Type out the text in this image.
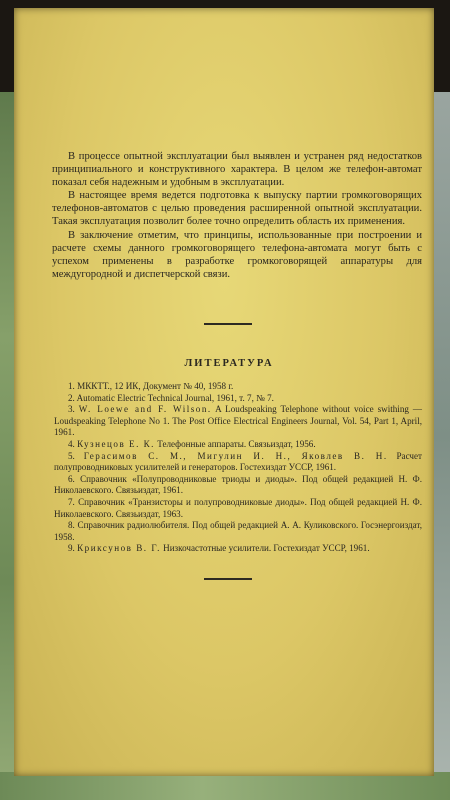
В процессе опытной эксплуатации был выявлен и устранен ряд недостатков принципиального и конструктивного характера. В целом же телефон-автомат показал себя надежным и удобным в эксплуатации.

В настоящее время ведется подготовка к выпуску партии громкоговорящих телефонов-автоматов с целью проведения расширенной опытной эксплуатации. Такая эксплуатация позволит более точно определить область их применения.

В заключение отметим, что принципы, использованные при построении и расчете схемы данного громкоговорящего телефона-автомата могут быть с успехом применены в разработке громкоговорящей аппаратуры для междугородной и диспетчерской связи.

ЛИТЕРАТУРА
1. МККТТ., 12 ИК, Документ № 40, 1958 г.
2. Automatic Electric Technical Journal, 1961, т. 7, № 7.
3. W. Loewe and F. Wilson. A Loudspeaking Telephone without voice swithing — Loudspeaking Telephone No 1. The Post Office Electrical Engineers Journal, Vol. 54, Part 1, April, 1961.
4. Кузнецов Е. К. Телефонные аппараты. Связьиздат, 1956.
5. Герасимов С. М., Мигулин И. Н., Яковлев В. Н. Расчет полупроводниковых усилителей и генераторов. Гостехиздат УССР, 1961.
6. Справочник «Полупроводниковые триоды и диоды». Под общей редакцией Н. Ф. Николаевского. Связьиздат, 1961.
7. Справочник «Транзисторы и полупроводниковые диоды». Под общей редакцией Н. Ф. Николаевского. Связьиздат, 1963.
8. Справочник радиолюбителя. Под общей редакцией А. А. Куликовского. Госэнергоиздат, 1958.
9. Криксунов В. Г. Низкочастотные усилители. Гостехиздат УССР, 1961.
